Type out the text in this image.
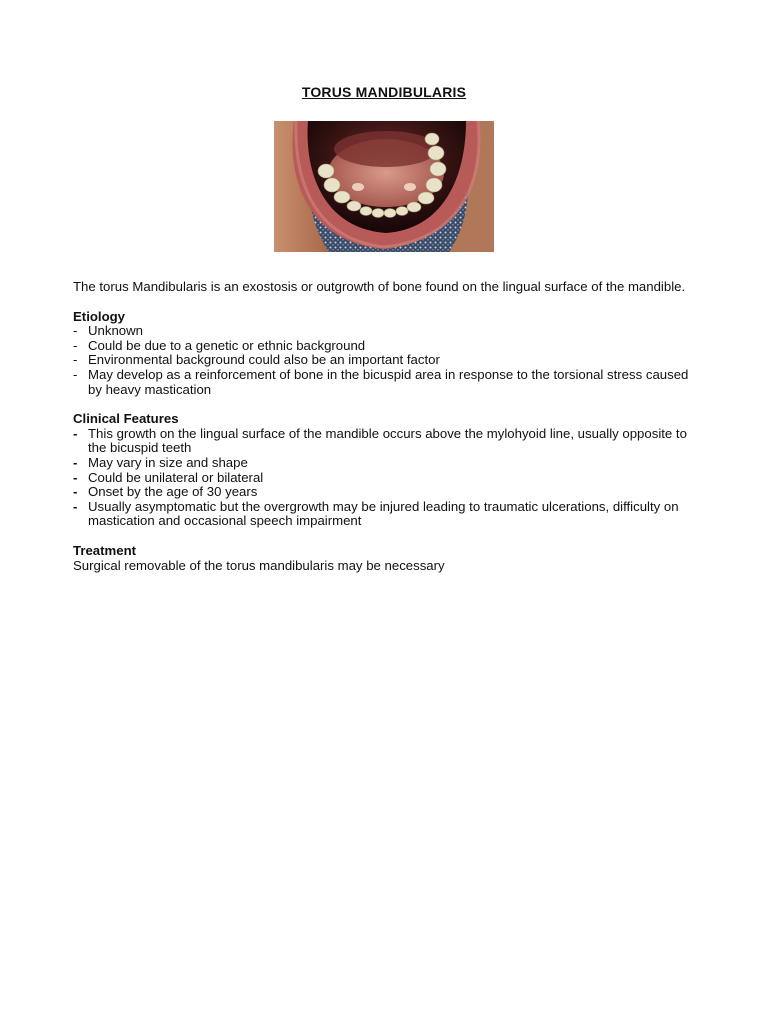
TORUS MANDIBULARIS

The torus Mandibularis is an exostosis or outgrowth of bone found on the lingual surface of the mandible.

Etiology

- Unknown
- Could be due to a genetic or ethnic background
- Environmental background could also be an important factor
- May develop as a reinforcement of bone in the bicuspid area in response to the torsional stress caused by heavy mastication

Clinical Features

- This growth on the lingual surface of the mandible occurs above the mylohyoid line, usually opposite to the bicuspid teeth
- May vary in size and shape
- Could be unilateral or bilateral
- Onset by the age of 30 years
- Usually asymptomatic but the overgrowth may be injured leading to traumatic ulcerations, difficulty on mastication and occasional speech impairment

Treatment

Surgical removable of the torus mandibularis may be necessary
